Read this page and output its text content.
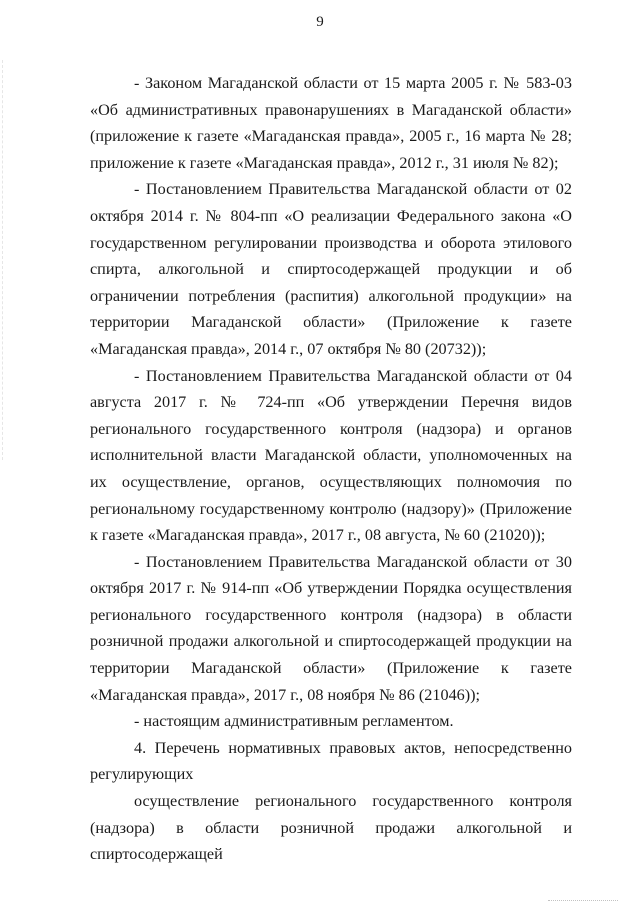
9

- Законом Магаданской области от 15 марта 2005 г. № 583-03 «Об административных правонарушениях в Магаданской области» (приложение к газете «Магаданская правда», 2005 г., 16 марта № 28; приложение к газете «Магаданская правда», 2012 г., 31 июля № 82);

- Постановлением Правительства Магаданской области от 02 октября 2014 г. № 804-пп «О реализации Федерального закона «О государственном регулировании производства и оборота этилового спирта, алкогольной и спиртосодержащей продукции и об ограничении потребления (распития) алкогольной продукции» на территории Магаданской области» (Приложение к газете «Магаданская правда», 2014 г., 07 октября № 80 (20732));

- Постановлением Правительства Магаданской области от 04 августа 2017 г. № 724-пп «Об утверждении Перечня видов регионального государственного контроля (надзора) и органов исполнительной власти Магаданской области, уполномоченных на их осуществление, органов, осуществляющих полномочия по региональному государственному контролю (надзору)» (Приложение к газете «Магаданская правда», 2017 г., 08 августа, № 60 (21020));

- Постановлением Правительства Магаданской области от 30 октября 2017 г. № 914-пп «Об утверждении Порядка осуществления регионального государственного контроля (надзора) в области розничной продажи алкогольной и спиртосодержащей продукции на территории Магаданской области» (Приложение к газете «Магаданская правда», 2017 г., 08 ноября № 86 (21046));

- настоящим административным регламентом.

4. Перечень нормативных правовых актов, непосредственно регулирующих

осуществление регионального государственного контроля (надзора) в области розничной продажи алкогольной и спиртосодержащей
